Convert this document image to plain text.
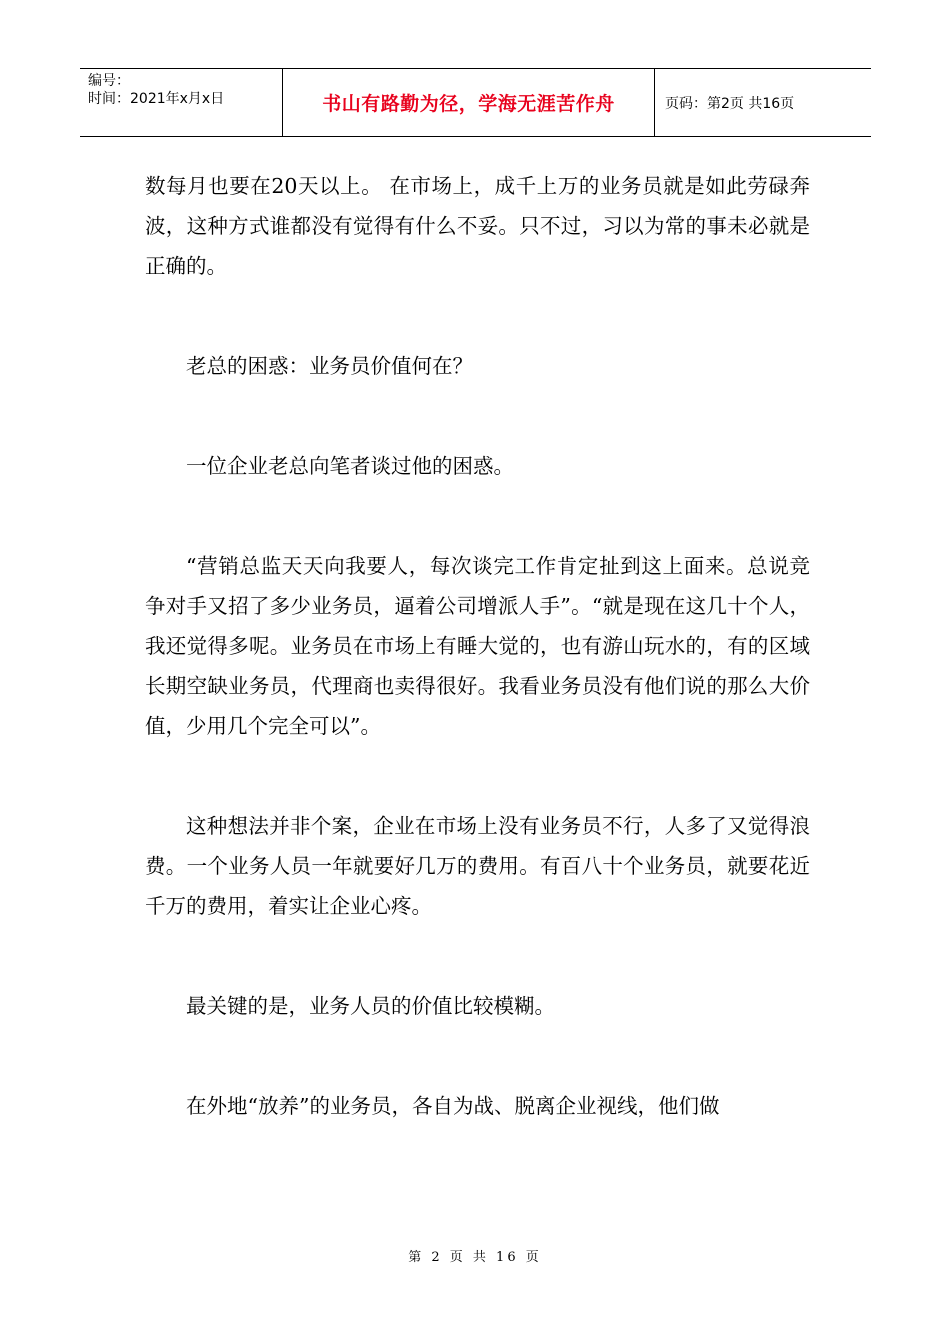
编号：
时间：2021年x月x日	书山有路勤为径，学海无涯苦作舟	页码：第2页 共16页

数每月也要在20天以上。 在市场上，成千上万的业务员就是如此劳碌奔波，这种方式谁都没有觉得有什么不妥。只不过，习以为常的事未必就是正确的。

老总的困惑：业务员价值何在？

一位企业老总向笔者谈过他的困惑。

“营销总监天天向我要人，每次谈完工作肯定扯到这上面来。总说竞争对手又招了多少业务员，逼着公司增派人手”。“就是现在这几十个人，我还觉得多呢。业务员在市场上有睡大觉的，也有游山玩水的，有的区域长期空缺业务员，代理商也卖得很好。我看业务员没有他们说的那么大价值，少用几个完全可以”。

这种想法并非个案，企业在市场上没有业务员不行，人多了又觉得浪费。一个业务人员一年就要好几万的费用。有百八十个业务员，就要花近千万的费用，着实让企业心疼。

最关键的是，业务人员的价值比较模糊。

在外地“放养”的业务员，各自为战、脱离企业视线，他们做

第 2 页 共 16 页
